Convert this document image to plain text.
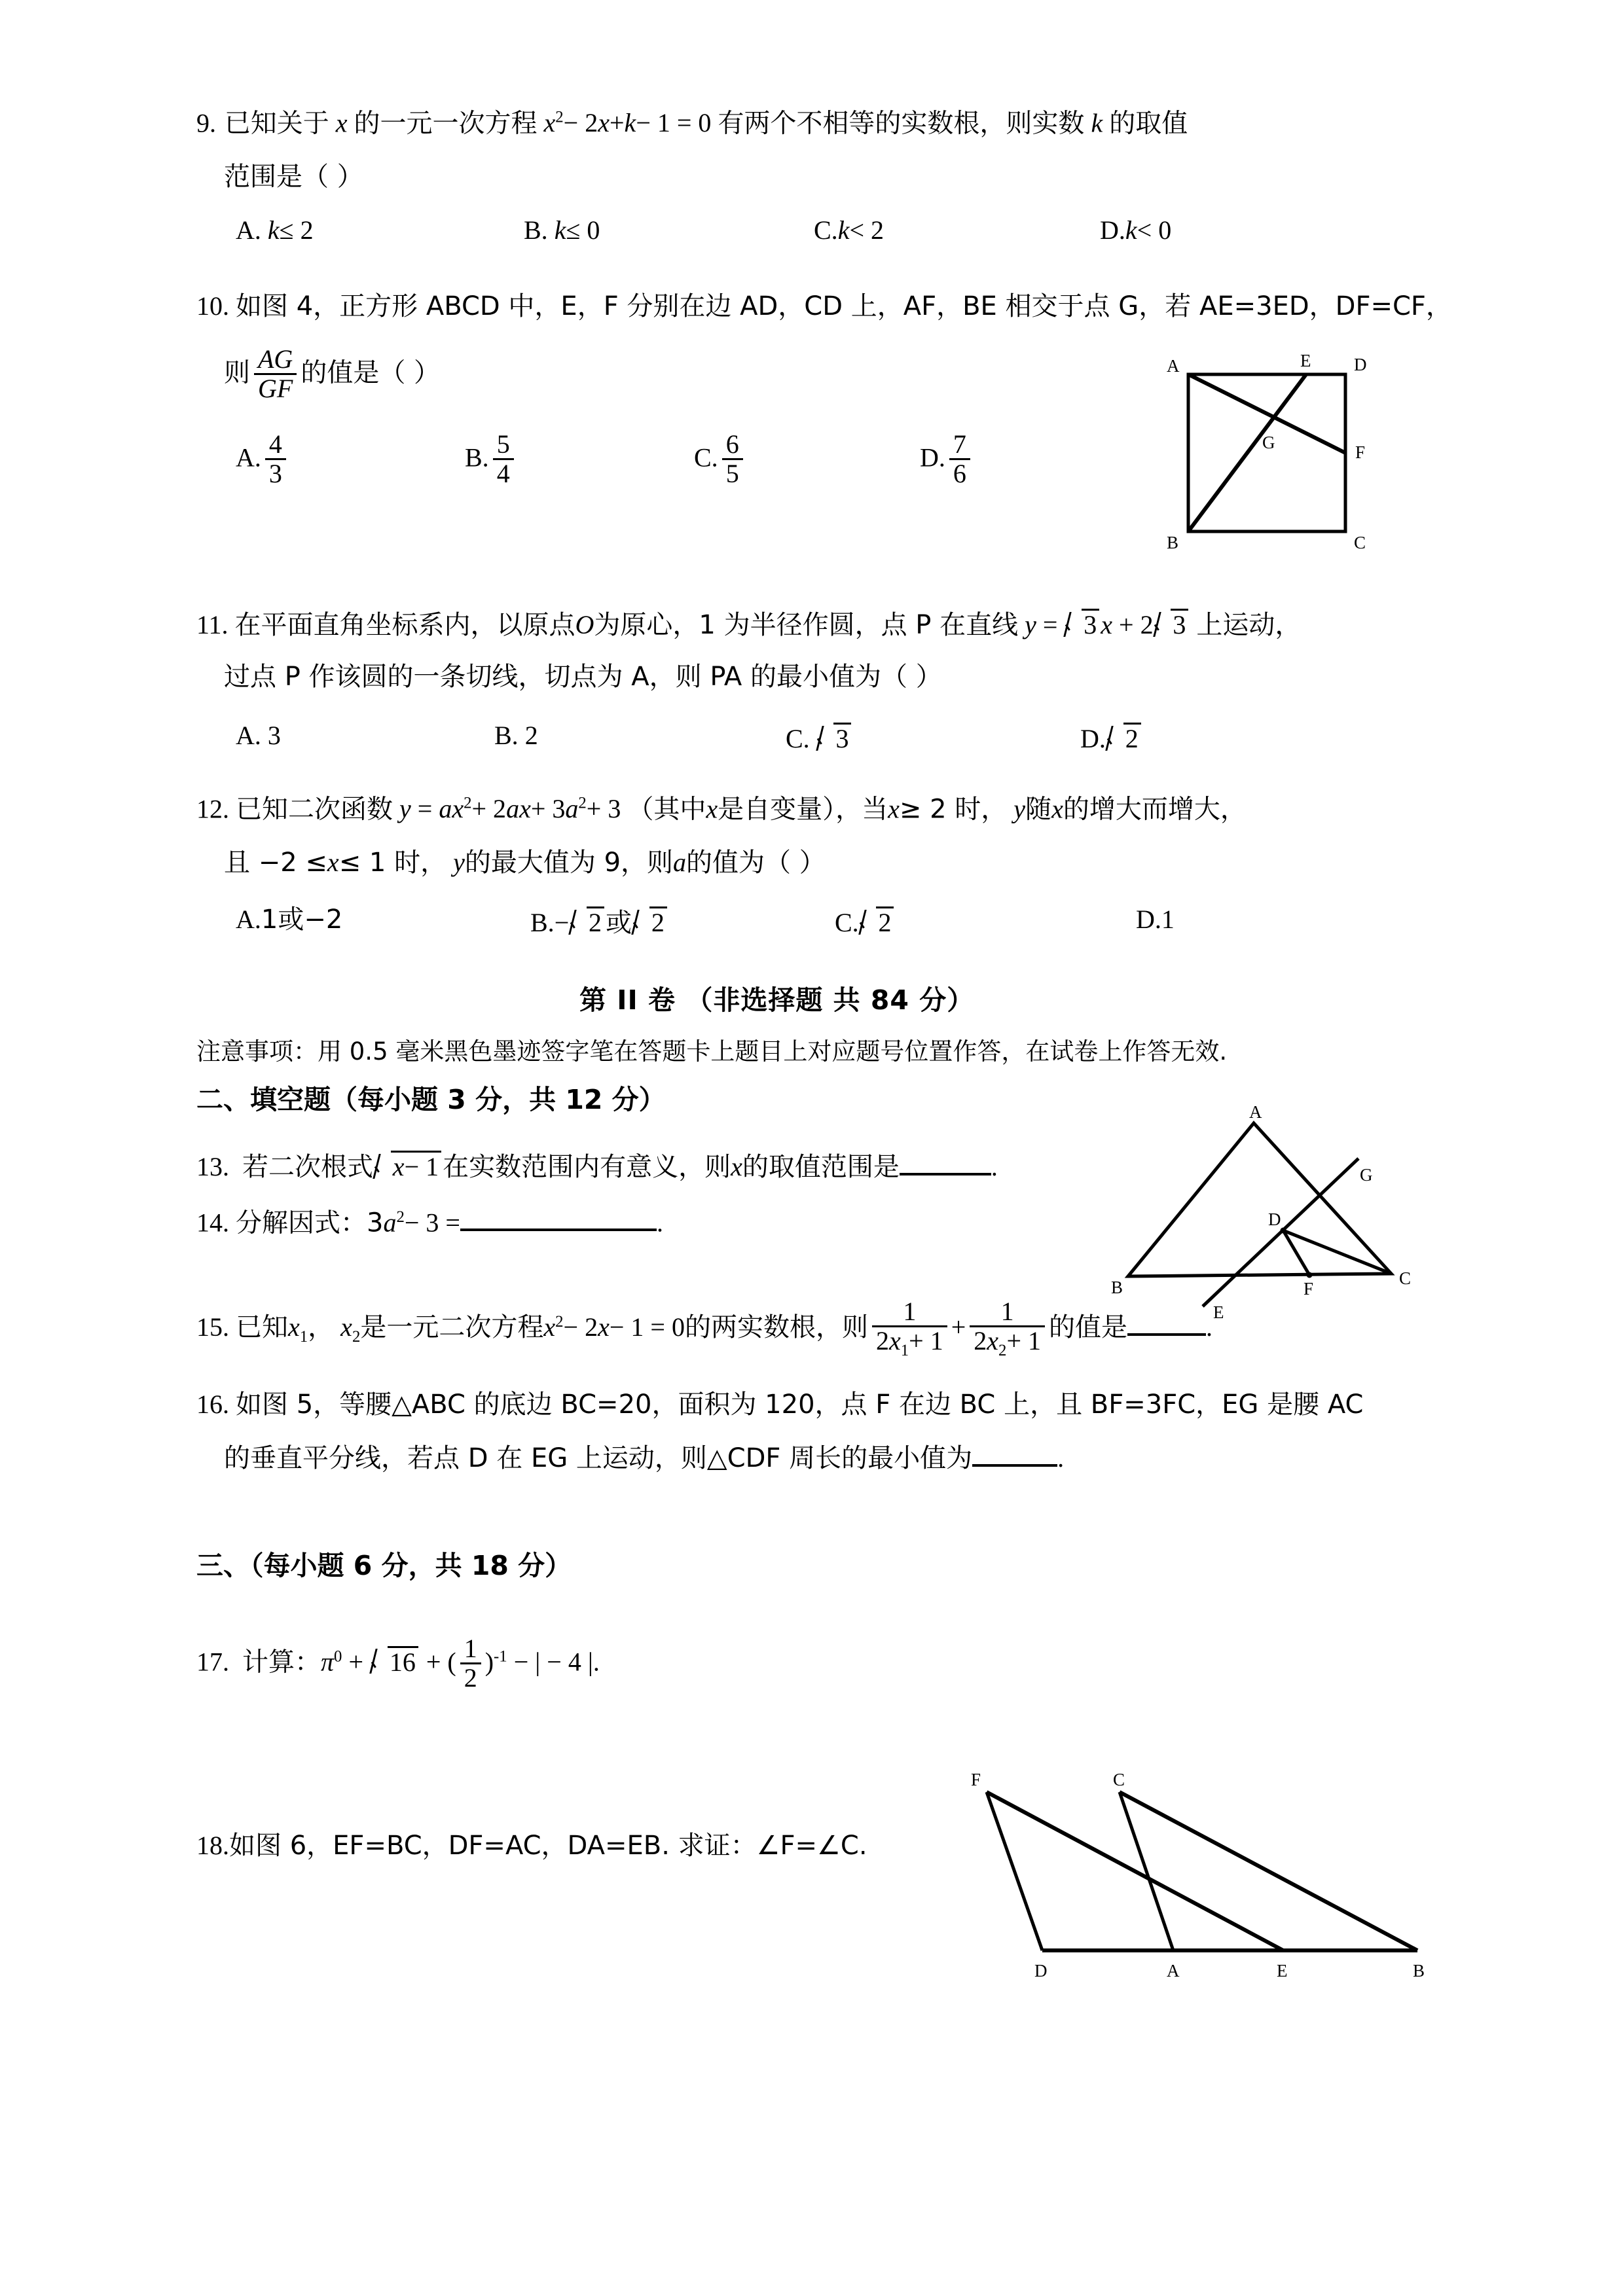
9. 已知关于 x 的一元一次方程 $x^2- 2x+k- 1 = 0$ 有两个不相等的实数根，则实数 k 的取值
范围是（ ）
A. k≤ 2	B. k≤ 0	C.k< 2	D.k< 0
10. 如图 4，正方形 ABCD 中，E，F 分别在边 AD，CD 上，AF，BE 相交于点 G，若 AE=3ED，DF=CF，
则 $\frac{AG}{GF}$ 的值是（ ）
A. $\frac{4}{3}$	B. $\frac{5}{4}$	C. $\frac{6}{5}$	D. $\frac{7}{6}$
A
B	C
D
E
F
G
11. 在平面直角坐标系内，以原点O为原心，1 为半径作圆，点 P 在直线 y = 3 x + 2 3 上运动，
过点 P 作该圆的一条切线，切点为 A，则 PA 的最小值为（ ）
A. 3	B. 2	C. 3	D. 2
12. 已知二次函数 $y = ax^2+ 2ax+ 3a^2+ 3$ （其中x是自变量），当x≥ 2 时， y随x的增大而增大，
且 −2 ≤x≤ 1 时， y的最大值为 9，则a的值为（ ）
A.1或−2	B.− 2 或 2	C. 2	D.1
第 II 卷 （非选择题 共 84 分）
注意事项：用 0.5 毫米黑色墨迹签字笔在答题卡上题目上对应题号位置作答，在试卷上作答无效.
二、填空题（每小题 3 分，共 12 分）
13. 若二次根式 x− 1 在实数范围内有意义，则x的取值范围是	.
14. 分解因式：$3a^2- 3$ =	.
15. 已知$x_1$， $x_2$是一元二次方程$x^2- 2x- 1 = 0$的两实数根，则 $\frac{1}{2x_1+ 1} + \frac{1}{2x_2+ 1}$ 的值是	.
16. 如图 5，等腰△ABC 的底边 BC=20，面积为 120，点 F 在边 BC 上，且 BF=3FC，EG 是腰 AC
的垂直平分线，若点 D 在 EG 上运动，则△CDF 周长的最小值为	.
A
B	C
D
E
F
G
三、（每小题 6 分，共 18 分）
17. 计算：$\pi^0 + 16$ + ( $\frac{1}{2} )^{-1}$ − | − 4 |.
18.如图 6，EF=BC，DF=AC，DA=EB. 求证：∠F=∠C.
F	C
D	A	E	B
